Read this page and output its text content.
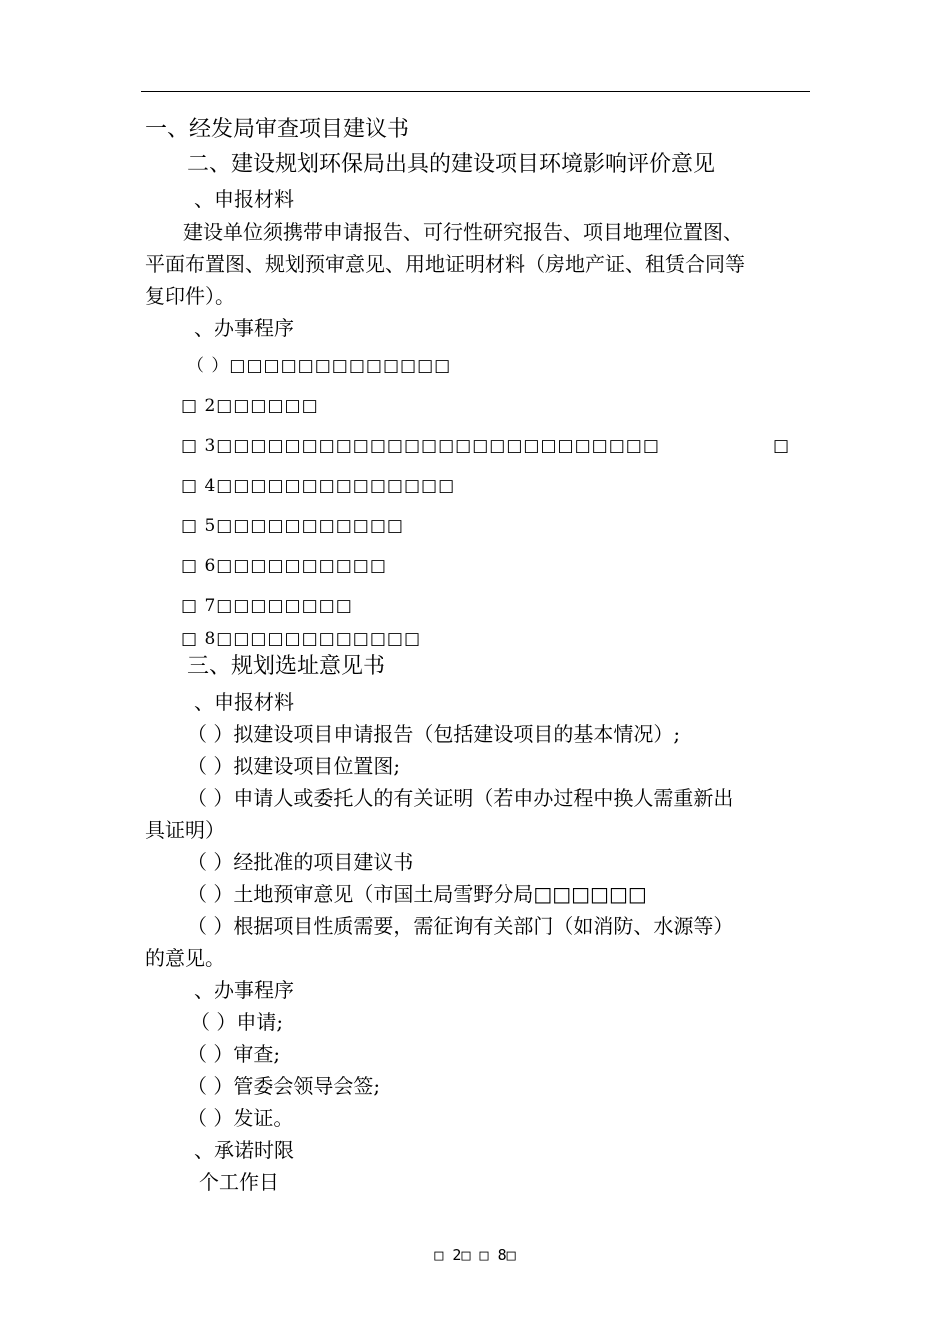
一、经发局审查项目建议书
二、建设规划环保局出具的建设项目环境影响评价意见
、申报材料
建设单位须携带申请报告、可行性研究报告、项目地理位置图、
平面布置图、规划预审意见、用地证明材料（房地产证、租赁合同等
复印件）。
、办事程序
（ ）□□□□□□□□□□□□□
□ 2□□□□□□
□ 3□□□□□□□□□□□□□□□□□□□□□□□□□□	□
□ 4□□□□□□□□□□□□□□
□ 5□□□□□□□□□□□
□ 6□□□□□□□□□□
□ 7□□□□□□□□
□ 8□□□□□□□□□□□□
三、规划选址意见书
、申报材料
（ ）拟建设项目申请报告（包括建设项目的基本情况）;
（ ）拟建设项目位置图;
（ ）申请人或委托人的有关证明（若申办过程中换人需重新出
具证明）
（ ）经批准的项目建议书
（ ）土地预审意见（市国土局雪野分局□□□□□□
（ ）根据项目性质需要，需征询有关部门（如消防、水源等）
的意见。
、办事程序
（ ）申请;
（ ）审查;
（ ）管委会领导会签;
（ ）发证。
、承诺时限
个工作日
□ 2□ □ 8□
